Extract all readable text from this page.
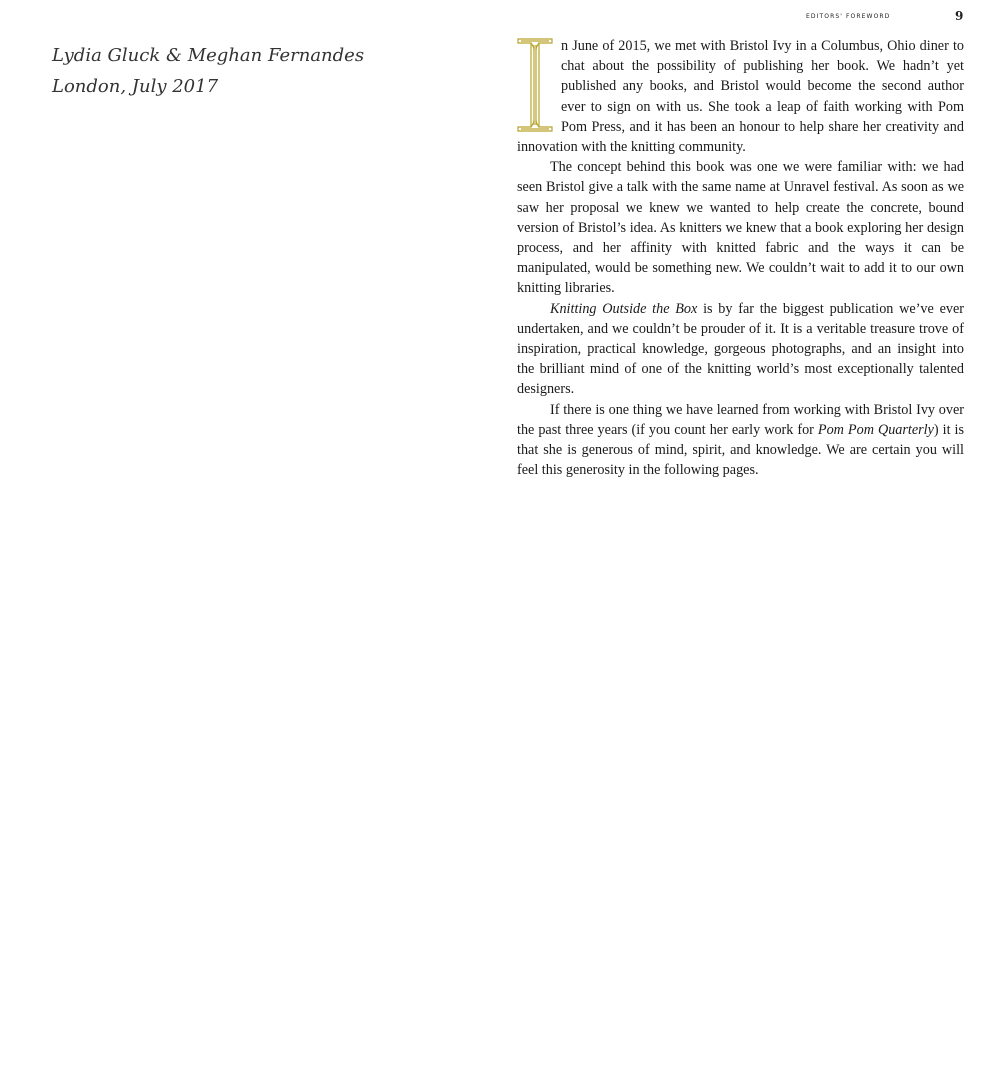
EDITORS' FOREWORD	9
Lydia Gluck & Meghan Fernandes
London, July 2017

n June of 2015, we met with Bristol Ivy in a Columbus, Ohio diner to chat about the possibility of publishing her book. We hadn’t yet published any books, and Bristol would become the second author ever to sign on with us. She took a leap of faith working with Pom Pom Press, and it has been an honour to help share her creativity and innovation with the knitting community.

The concept behind this book was one we were familiar with: we had seen Bristol give a talk with the same name at Unravel festival. As soon as we saw her proposal we knew we wanted to help create the concrete, bound version of Bristol’s idea. As knitters we knew that a book exploring her design process, and her affinity with knitted fabric and the ways it can be manipulated, would be something new. We couldn’t wait to add it to our own knitting libraries.

Knitting Outside the Box is by far the biggest publication we’ve ever undertaken, and we couldn’t be prouder of it. It is a veritable treasure trove of inspiration, practical knowledge, gorgeous photographs, and an insight into the brilliant mind of one of the knitting world’s most exceptionally talented designers.

If there is one thing we have learned from working with Bristol Ivy over the past three years (if you count her early work for Pom Pom Quarterly) it is that she is generous of mind, spirit, and knowledge. We are certain you will feel this generosity in the following pages.
